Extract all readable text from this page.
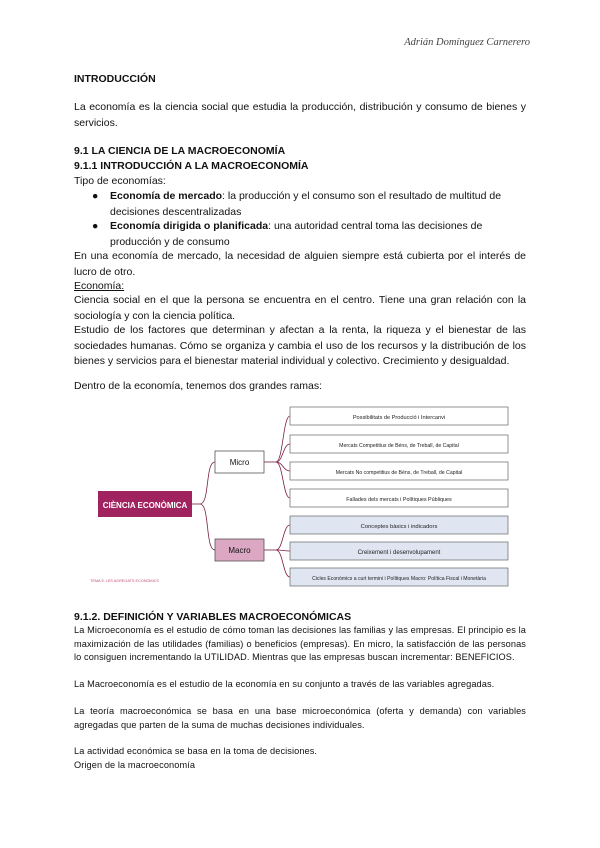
Adrián Domínguez Carnerero
INTRODUCCIÓN
La economía es la ciencia social que estudia la producción, distribución y consumo de bienes y servicios.
9.1 LA CIENCIA DE LA MACROECONOMÍA
9.1.1 INTRODUCCIÓN A LA MACROECONOMÍA
Tipo de economías:
● Economía de mercado: la producción y el consumo son el resultado de multitud de decisiones descentralizadas
● Economía dirigida o planificada: una autoridad central toma las decisiones de producción y de consumo
En una economía de mercado, la necesidad de alguien siempre está cubierta por el interés de lucro de otro.
Economía:
Ciencia social en el que la persona se encuentra en el centro. Tiene una gran relación con la sociología y con la ciencia política.
Estudio de los factores que determinan y afectan a la renta, la riqueza y el bienestar de las sociedades humanas. Cómo se organiza y cambia el uso de los recursos y la distribución de los bienes y servicios para el bienestar material individual y colectivo. Crecimiento y desigualdad.
Dentro de la economía, tenemos dos grandes ramas:
CIÈNCIA ECONÒMICA
Micro
Macro
Possibilitats de Producció i Intercanvi
Mercats Competitius de Béns, de Treball, de Capital
Mercats No competitius de Béns, de Treball, de Capital
Fallades dels mercats i Polítiques Públiques
Conceptes bàsics i indicadors
Creixement i desenvolupament
Cicles Econòmics a curt termini i Polítiques Macro: Política Fiscal i Monetària
TEMA 9: LES AGREGATS ECONÒMICS
9.1.2. DEFINICIÓN Y VARIABLES MACROECONÓMICAS
La Microeconomía es el estudio de cómo toman las decisiones las familias y las empresas. El principio es la maximización de las utilidades (familias) o beneficios (empresas). En micro, la satisfacción de las personas lo consiguen incrementando la UTILIDAD. Mientras que las empresas buscan incrementar: BENEFICIOS.
La Macroeconomía es el estudio de la economía en su conjunto a través de las variables agregadas.
La teoría macroeconómica se basa en una base microeconómica (oferta y demanda) con variables agregadas que parten de la suma de muchas decisiones individuales.
La actividad económica se basa en la toma de decisiones.
Origen de la macroeconomía
